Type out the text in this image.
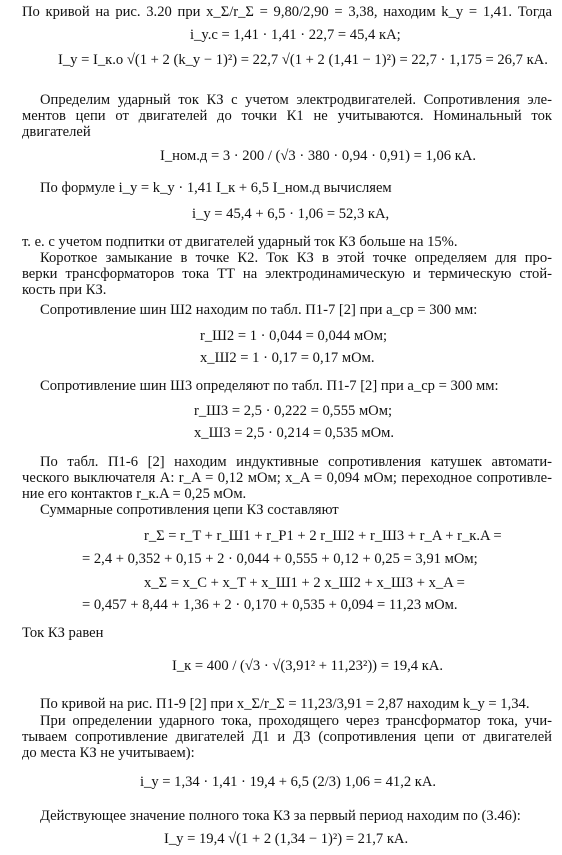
По кривой на рис. 3.20 при x_Σ/r_Σ = 9,80/2,90 = 3,38, находим k_y = 1,41. Тогда
i_y.c = 1,41 · 1,41 · 22,7 = 45,4 кА;
I_y = I_к.о √(1 + 2 (k_y − 1)²) = 22,7 √(1 + 2 (1,41 − 1)²) = 22,7 · 1,175 = 26,7 кА.
Определим ударный ток КЗ с учетом электродвигателей. Сопротивления эле-
ментов цепи от двигателей до точки К1 не учитываются. Номинальный ток
двигателей
I_ном.д = 3 · 200 / (√3 · 380 · 0,94 · 0,91) = 1,06 кА.
По формуле i_y = k_y · 1,41 I_к + 6,5 I_ном.д вычисляем
i_y = 45,4 + 6,5 · 1,06 = 52,3 кА,
т. е. с учетом подпитки от двигателей ударный ток КЗ больше на 15%.
Короткое замыкание в точке К2. Ток КЗ в этой точке определяем для про-
верки трансформаторов тока ТТ на электродинамическую и термическую стой-
кость при КЗ.
Сопротивление шин Ш2 находим по табл. П1-7 [2] при a_ср = 300 мм:
r_Ш2 = 1 · 0,044 = 0,044 мОм;
x_Ш2 = 1 · 0,17 = 0,17 мОм.
Сопротивление шин Ш3 определяют по табл. П1-7 [2] при a_ср = 300 мм:
r_Ш3 = 2,5 · 0,222 = 0,555 мОм;
x_Ш3 = 2,5 · 0,214 = 0,535 мОм.
По табл. П1-6 [2] находим индуктивные сопротивления катушек автомати-
ческого выключателя А: r_A = 0,12 мОм; x_A = 0,094 мОм; переходное сопротивле-
ние его контактов r_к.A = 0,25 мОм.
Суммарные сопротивления цепи КЗ составляют
r_Σ = r_T + r_Ш1 + r_P1 + 2 r_Ш2 + r_Ш3 + r_A + r_к.A =
= 2,4 + 0,352 + 0,15 + 2 · 0,044 + 0,555 + 0,12 + 0,25 = 3,91 мОм;
x_Σ = x_C + x_T + x_Ш1 + 2 x_Ш2 + x_Ш3 + x_A =
= 0,457 + 8,44 + 1,36 + 2 · 0,170 + 0,535 + 0,094 = 11,23 мОм.
Ток КЗ равен
I_к = 400 / (√3 · √(3,91² + 11,23²)) = 19,4 кА.
По кривой на рис. П1-9 [2] при x_Σ/r_Σ = 11,23/3,91 = 2,87 находим k_y = 1,34.
При определении ударного тока, проходящего через трансформатор тока, учи-
тываем сопротивление двигателей Д1 и Д3 (сопротивления цепи от двигателей
до места КЗ не учитываем):
i_y = 1,34 · 1,41 · 19,4 + 6,5 (2/3) 1,06 = 41,2 кА.
Действующее значение полного тока КЗ за первый период находим по (3.46):
I_y = 19,4 √(1 + 2 (1,34 − 1)²) = 21,7 кА.
